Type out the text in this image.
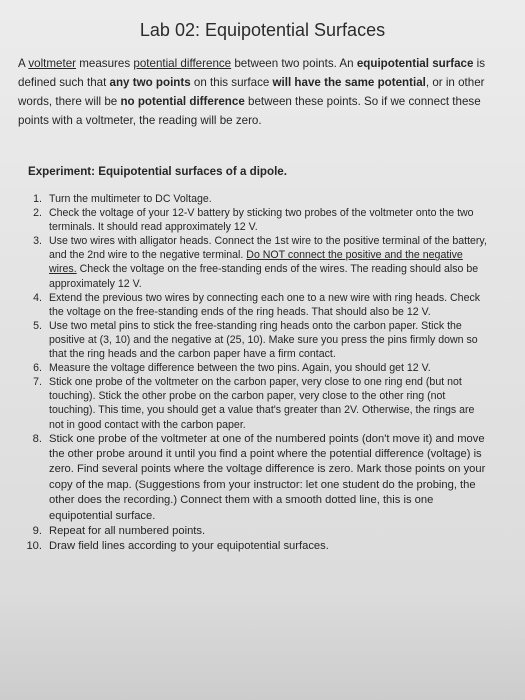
Lab 02: Equipotential Surfaces
A voltmeter measures potential difference between two points. An equipotential surface is defined such that any two points on this surface will have the same potential, or in other words, there will be no potential difference between these points. So if we connect these points with a voltmeter, the reading will be zero.
Experiment: Equipotential surfaces of a dipole.
1. Turn the multimeter to DC Voltage.
2. Check the voltage of your 12-V battery by sticking two probes of the voltmeter onto the two terminals. It should read approximately 12 V.
3. Use two wires with alligator heads. Connect the 1st wire to the positive terminal of the battery, and the 2nd wire to the negative terminal. Do NOT connect the positive and the negative wires. Check the voltage on the free-standing ends of the wires. The reading should also be approximately 12 V.
4. Extend the previous two wires by connecting each one to a new wire with ring heads. Check the voltage on the free-standing ends of the ring heads. That should also be 12 V.
5. Use two metal pins to stick the free-standing ring heads onto the carbon paper. Stick the positive at (3, 10) and the negative at (25, 10). Make sure you press the pins firmly down so that the ring heads and the carbon paper have a firm contact.
6. Measure the voltage difference between the two pins. Again, you should get 12 V.
7. Stick one probe of the voltmeter on the carbon paper, very close to one ring end (but not touching). Stick the other probe on the carbon paper, very close to the other ring (not touching). This time, you should get a value that's greater than 2V. Otherwise, the rings are not in good contact with the carbon paper.
8. Stick one probe of the voltmeter at one of the numbered points (don't move it) and move the other probe around it until you find a point where the potential difference (voltage) is zero. Find several points where the voltage difference is zero. Mark those points on your copy of the map. (Suggestions from your instructor: let one student do the probing, the other does the recording.) Connect them with a smooth dotted line, this is one equipotential surface.
9. Repeat for all numbered points.
10. Draw field lines according to your equipotential surfaces.
